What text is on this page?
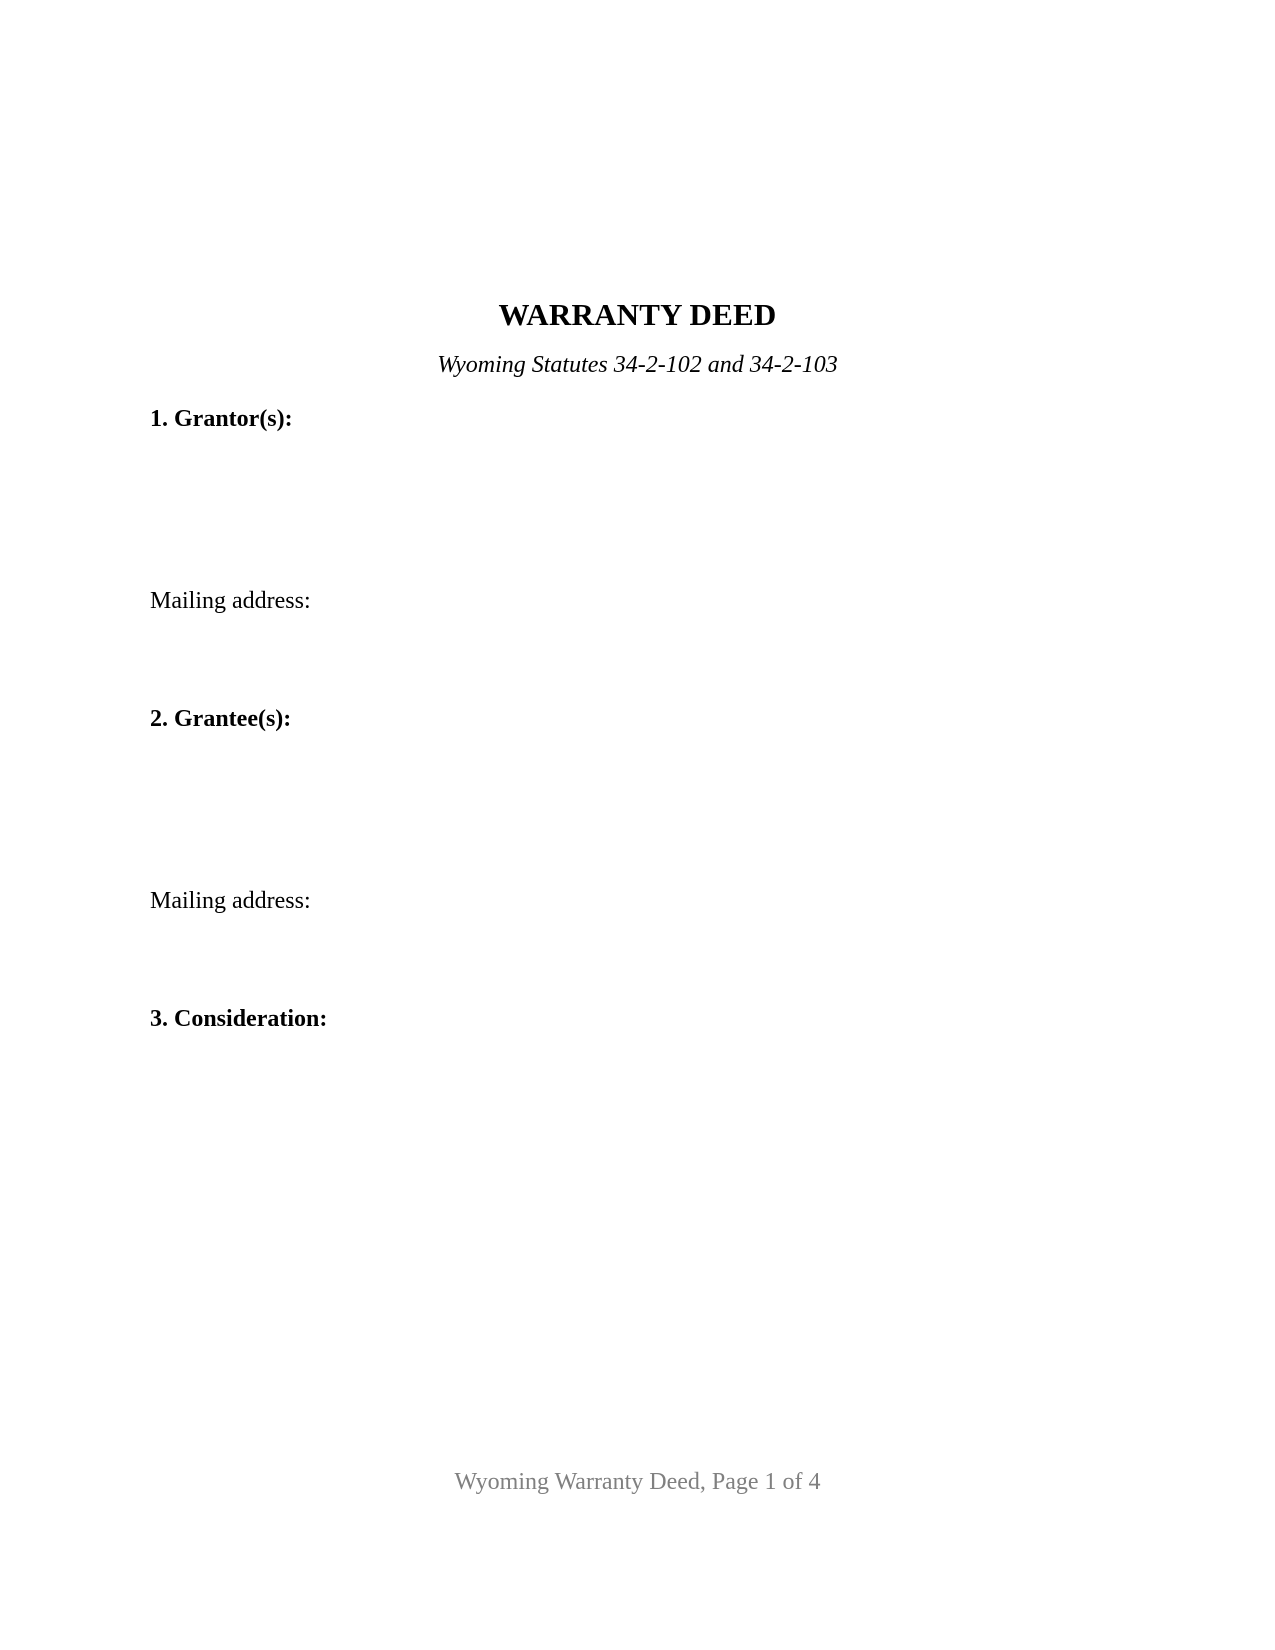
WARRANTY DEED
Wyoming Statutes 34-2-102 and 34-2-103
1. Grantor(s):
Mailing address:
2. Grantee(s):
Mailing address:
3. Consideration:
Wyoming Warranty Deed, Page 1 of 4
